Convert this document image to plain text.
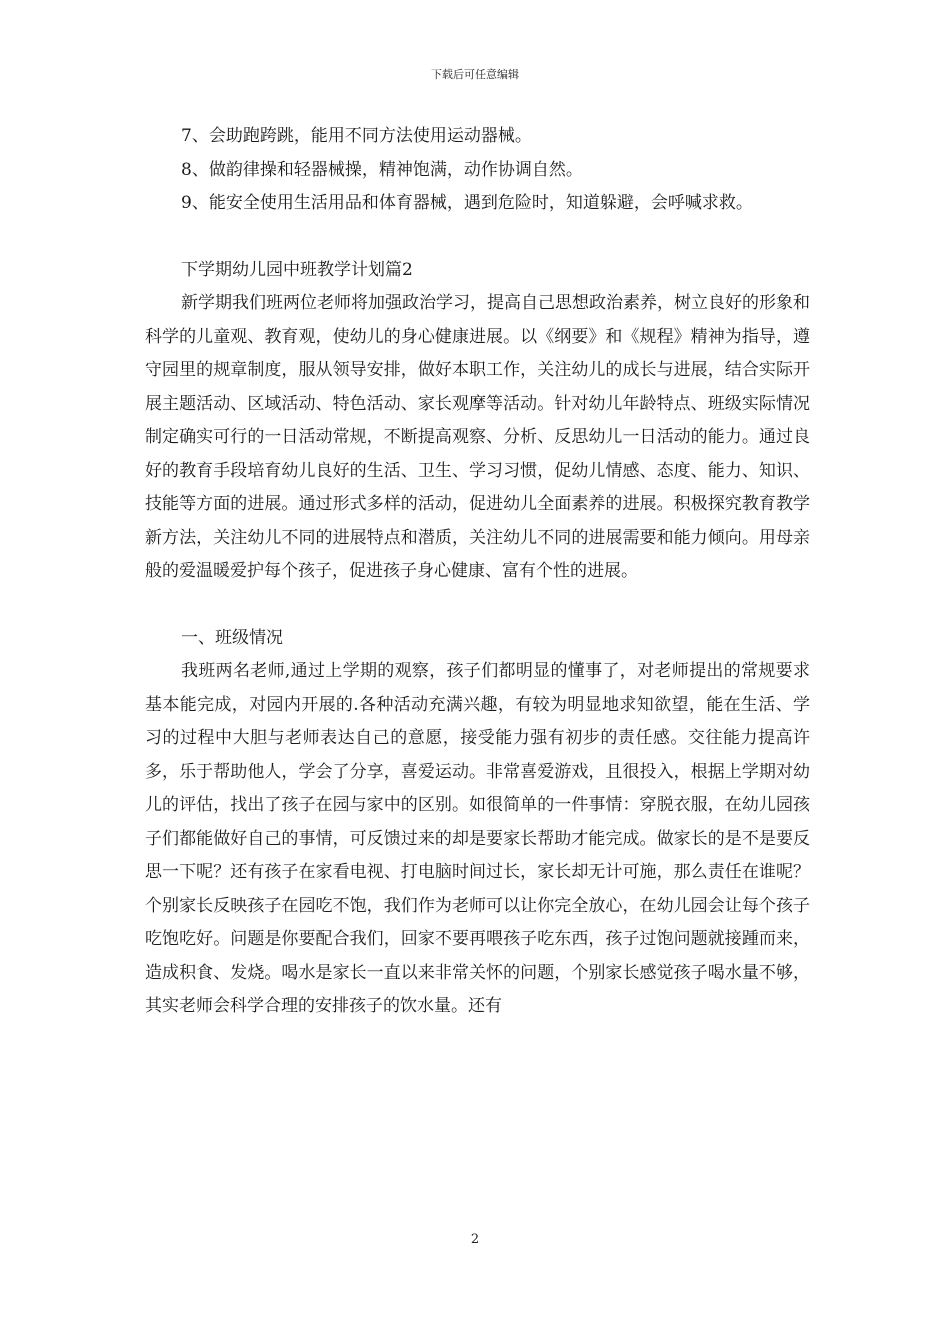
下载后可任意编辑

7、会助跑跨跳，能用不同方法使用运动器械。

8、做韵律操和轻器械操，精神饱满，动作协调自然。

9、能安全使用生活用品和体育器械，遇到危险时，知道躲避，会呼喊求救。

下学期幼儿园中班教学计划篇2

新学期我们班两位老师将加强政治学习，提高自己思想政治素养，树立良好的形象和科学的儿童观、教育观，使幼儿的身心健康进展。以《纲要》和《规程》精神为指导，遵守园里的规章制度，服从领导安排，做好本职工作，关注幼儿的成长与进展，结合实际开展主题活动、区域活动、特色活动、家长观摩等活动。针对幼儿年龄特点、班级实际情况制定确实可行的一日活动常规，不断提高观察、分析、反思幼儿一日活动的能力。通过良好的教育手段培育幼儿良好的生活、卫生、学习习惯，促幼儿情感、态度、能力、知识、技能等方面的进展。通过形式多样的活动，促进幼儿全面素养的进展。积极探究教育教学新方法，关注幼儿不同的进展特点和潜质，关注幼儿不同的进展需要和能力倾向。用母亲般的爱温暖爱护每个孩子，促进孩子身心健康、富有个性的进展。

一、班级情况

我班两名老师,通过上学期的观察，孩子们都明显的懂事了，对老师提出的常规要求基本能完成，对园内开展的.各种活动充满兴趣，有较为明显地求知欲望，能在生活、学习的过程中大胆与老师表达自己的意愿，接受能力强有初步的责任感。交往能力提高许多，乐于帮助他人，学会了分享，喜爱运动。非常喜爱游戏，且很投入，根据上学期对幼儿的评估，找出了孩子在园与家中的区别。如很简单的一件事情：穿脱衣服，在幼儿园孩子们都能做好自己的事情，可反馈过来的却是要家长帮助才能完成。做家长的是不是要反思一下呢？还有孩子在家看电视、打电脑时间过长，家长却无计可施，那么责任在谁呢？个别家长反映孩子在园吃不饱，我们作为老师可以让你完全放心，在幼儿园会让每个孩子吃饱吃好。问题是你要配合我们，回家不要再喂孩子吃东西，孩子过饱问题就接踵而来，造成积食、发烧。喝水是家长一直以来非常关怀的问题，个别家长感觉孩子喝水量不够，其实老师会科学合理的安排孩子的饮水量。还有

2
